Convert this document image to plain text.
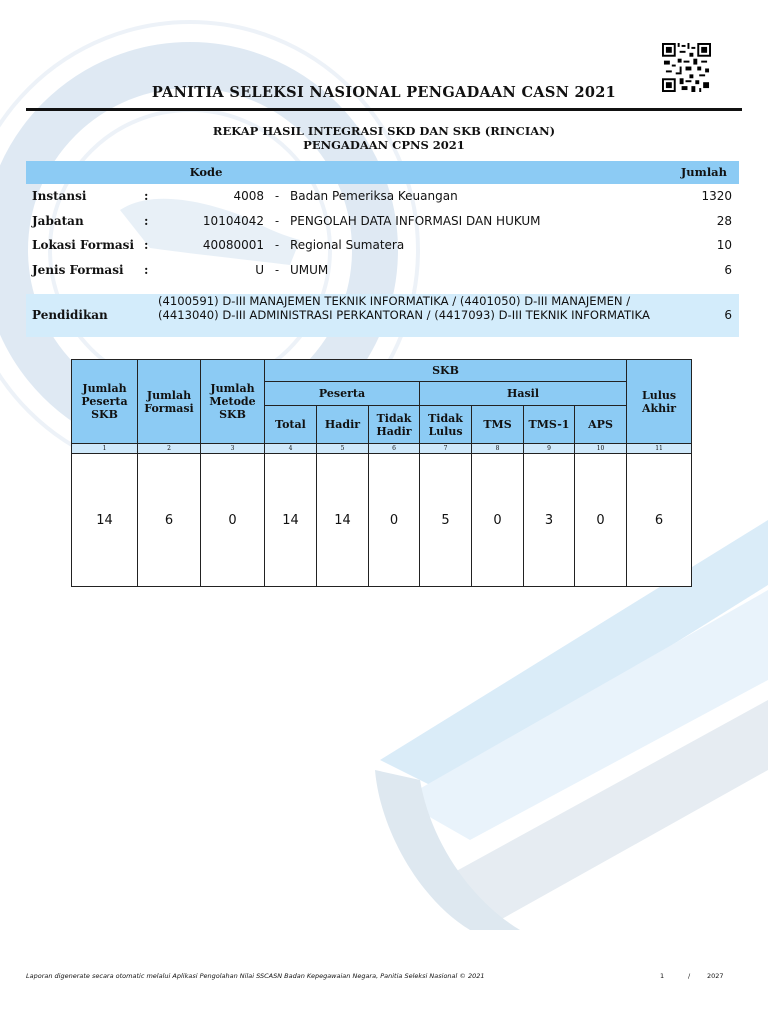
PANITIA SELEKSI NASIONAL PENGADAAN CASN 2021
REKAP HASIL INTEGRASI SKD DAN SKB (RINCIAN)
PENGADAAN CPNS 2021
Kode	Jumlah
Instansi	:	4008 - Badan Pemeriksa Keuangan	1320
Jabatan	:	10104042 - PENGOLAH DATA INFORMASI DAN HUKUM	28
Lokasi Formasi :	40080001 - Regional Sumatera	10
Jenis Formasi :	U - UMUM	6
Pendidikan
(4100591) D-III MANAJEMEN TEKNIK INFORMATIKA / (4401050) D-III MANAJEMEN / (4413040) D-III ADMINISTRASI PERKANTORAN / (4417093) D-III TEKNIK INFORMATIKA	6
Jumlah Peserta SKB	Jumlah Formasi	Jumlah Metode SKB	SKB							Lulus Akhir
			Peserta			Hasil				
			Total	Hadir	Tidak Hadir	Tidak Lulus	TMS	TMS-1	APS	
1	2	3	4	5	6	7	8	9	10	11
14	6	0	14	14	0	5	0	3	0	6
Laporan digenerate secara otomatic melalui Aplikasi Pengolahan Nilai SSCASN Badan Kepegawaian Negara, Panitia Seleksi Nasional © 2021	1	/	2027
